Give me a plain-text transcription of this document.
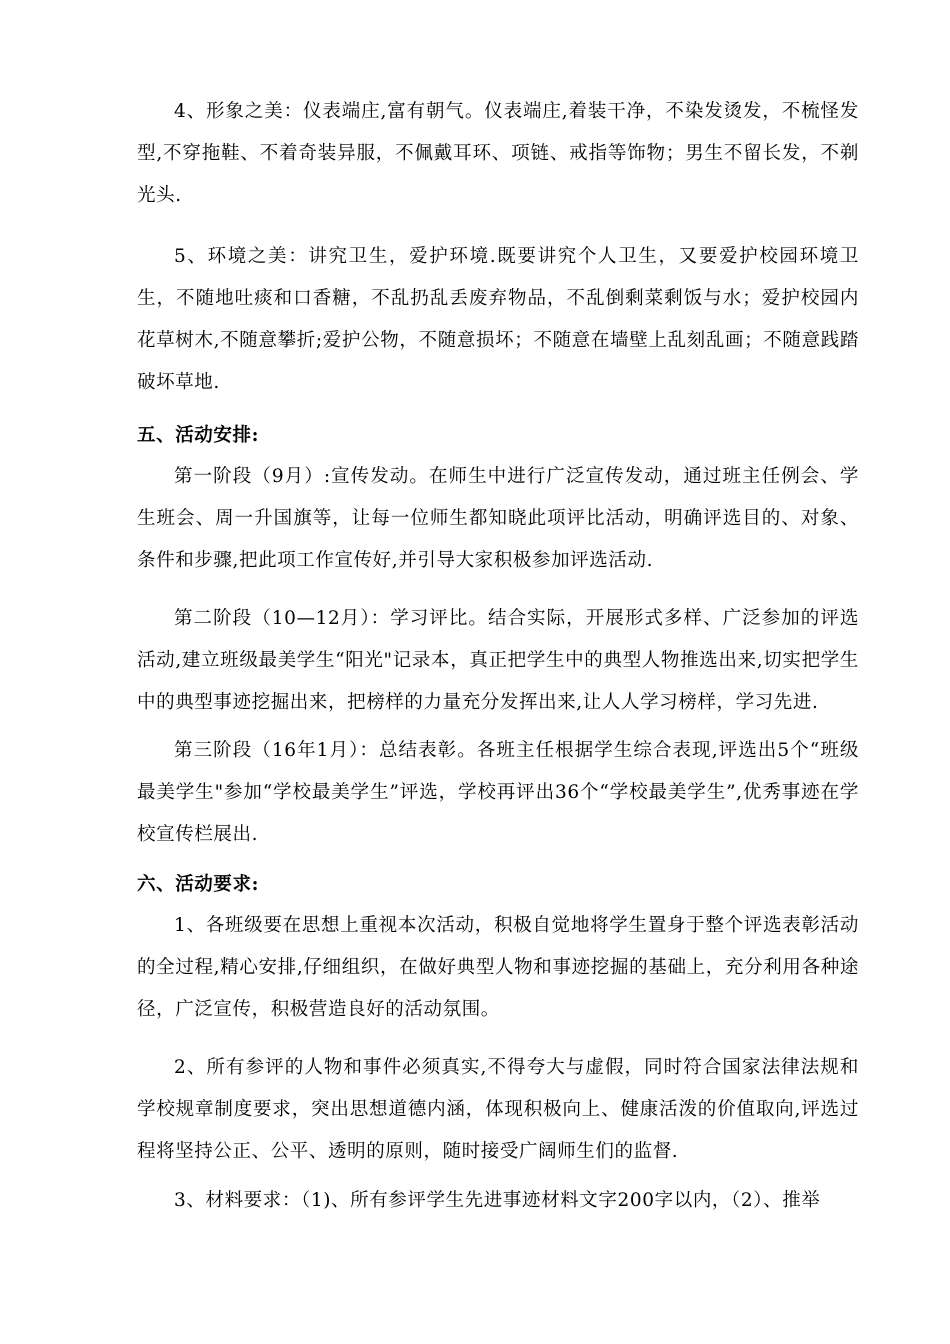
4、形象之美：仪表端庄,富有朝气。仪表端庄,着装干净，不染发烫发，不梳怪发型,不穿拖鞋、不着奇装异服，不佩戴耳环、项链、戒指等饰物；男生不留长发，不剃光头.

5、环境之美：讲究卫生，爱护环境.既要讲究个人卫生，又要爱护校园环境卫生，不随地吐痰和口香糖，不乱扔乱丢废弃物品，不乱倒剩菜剩饭与水；爱护校园内花草树木,不随意攀折;爱护公物，不随意损坏；不随意在墙壁上乱刻乱画；不随意践踏破坏草地.

五、活动安排:

第一阶段（9月）:宣传发动。在师生中进行广泛宣传发动，通过班主任例会、学生班会、周一升国旗等，让每一位师生都知晓此项评比活动，明确评选目的、对象、条件和步骤,把此项工作宣传好,并引导大家积极参加评选活动.

第二阶段（10—12月）：学习评比。结合实际，开展形式多样、广泛参加的评选活动,建立班级最美学生“阳光"记录本，真正把学生中的典型人物推选出来,切实把学生中的典型事迹挖掘出来，把榜样的力量充分发挥出来,让人人学习榜样，学习先进.

第三阶段（16年1月）：总结表彰。各班主任根据学生综合表现,评选出5个“班级最美学生"参加“学校最美学生”评选，学校再评出36个“学校最美学生”,优秀事迹在学校宣传栏展出.

六、活动要求:

1、各班级要在思想上重视本次活动，积极自觉地将学生置身于整个评选表彰活动的全过程,精心安排,仔细组织，在做好典型人物和事迹挖掘的基础上，充分利用各种途径，广泛宣传，积极营造良好的活动氛围。

2、所有参评的人物和事件必须真实,不得夸大与虚假，同时符合国家法律法规和学校规章制度要求，突出思想道德内涵，体现积极向上、健康活泼的价值取向,评选过程将坚持公正、公平、透明的原则，随时接受广阔师生们的监督.

3、材料要求：（1)、所有参评学生先进事迹材料文字200字以内，（2）、推举
